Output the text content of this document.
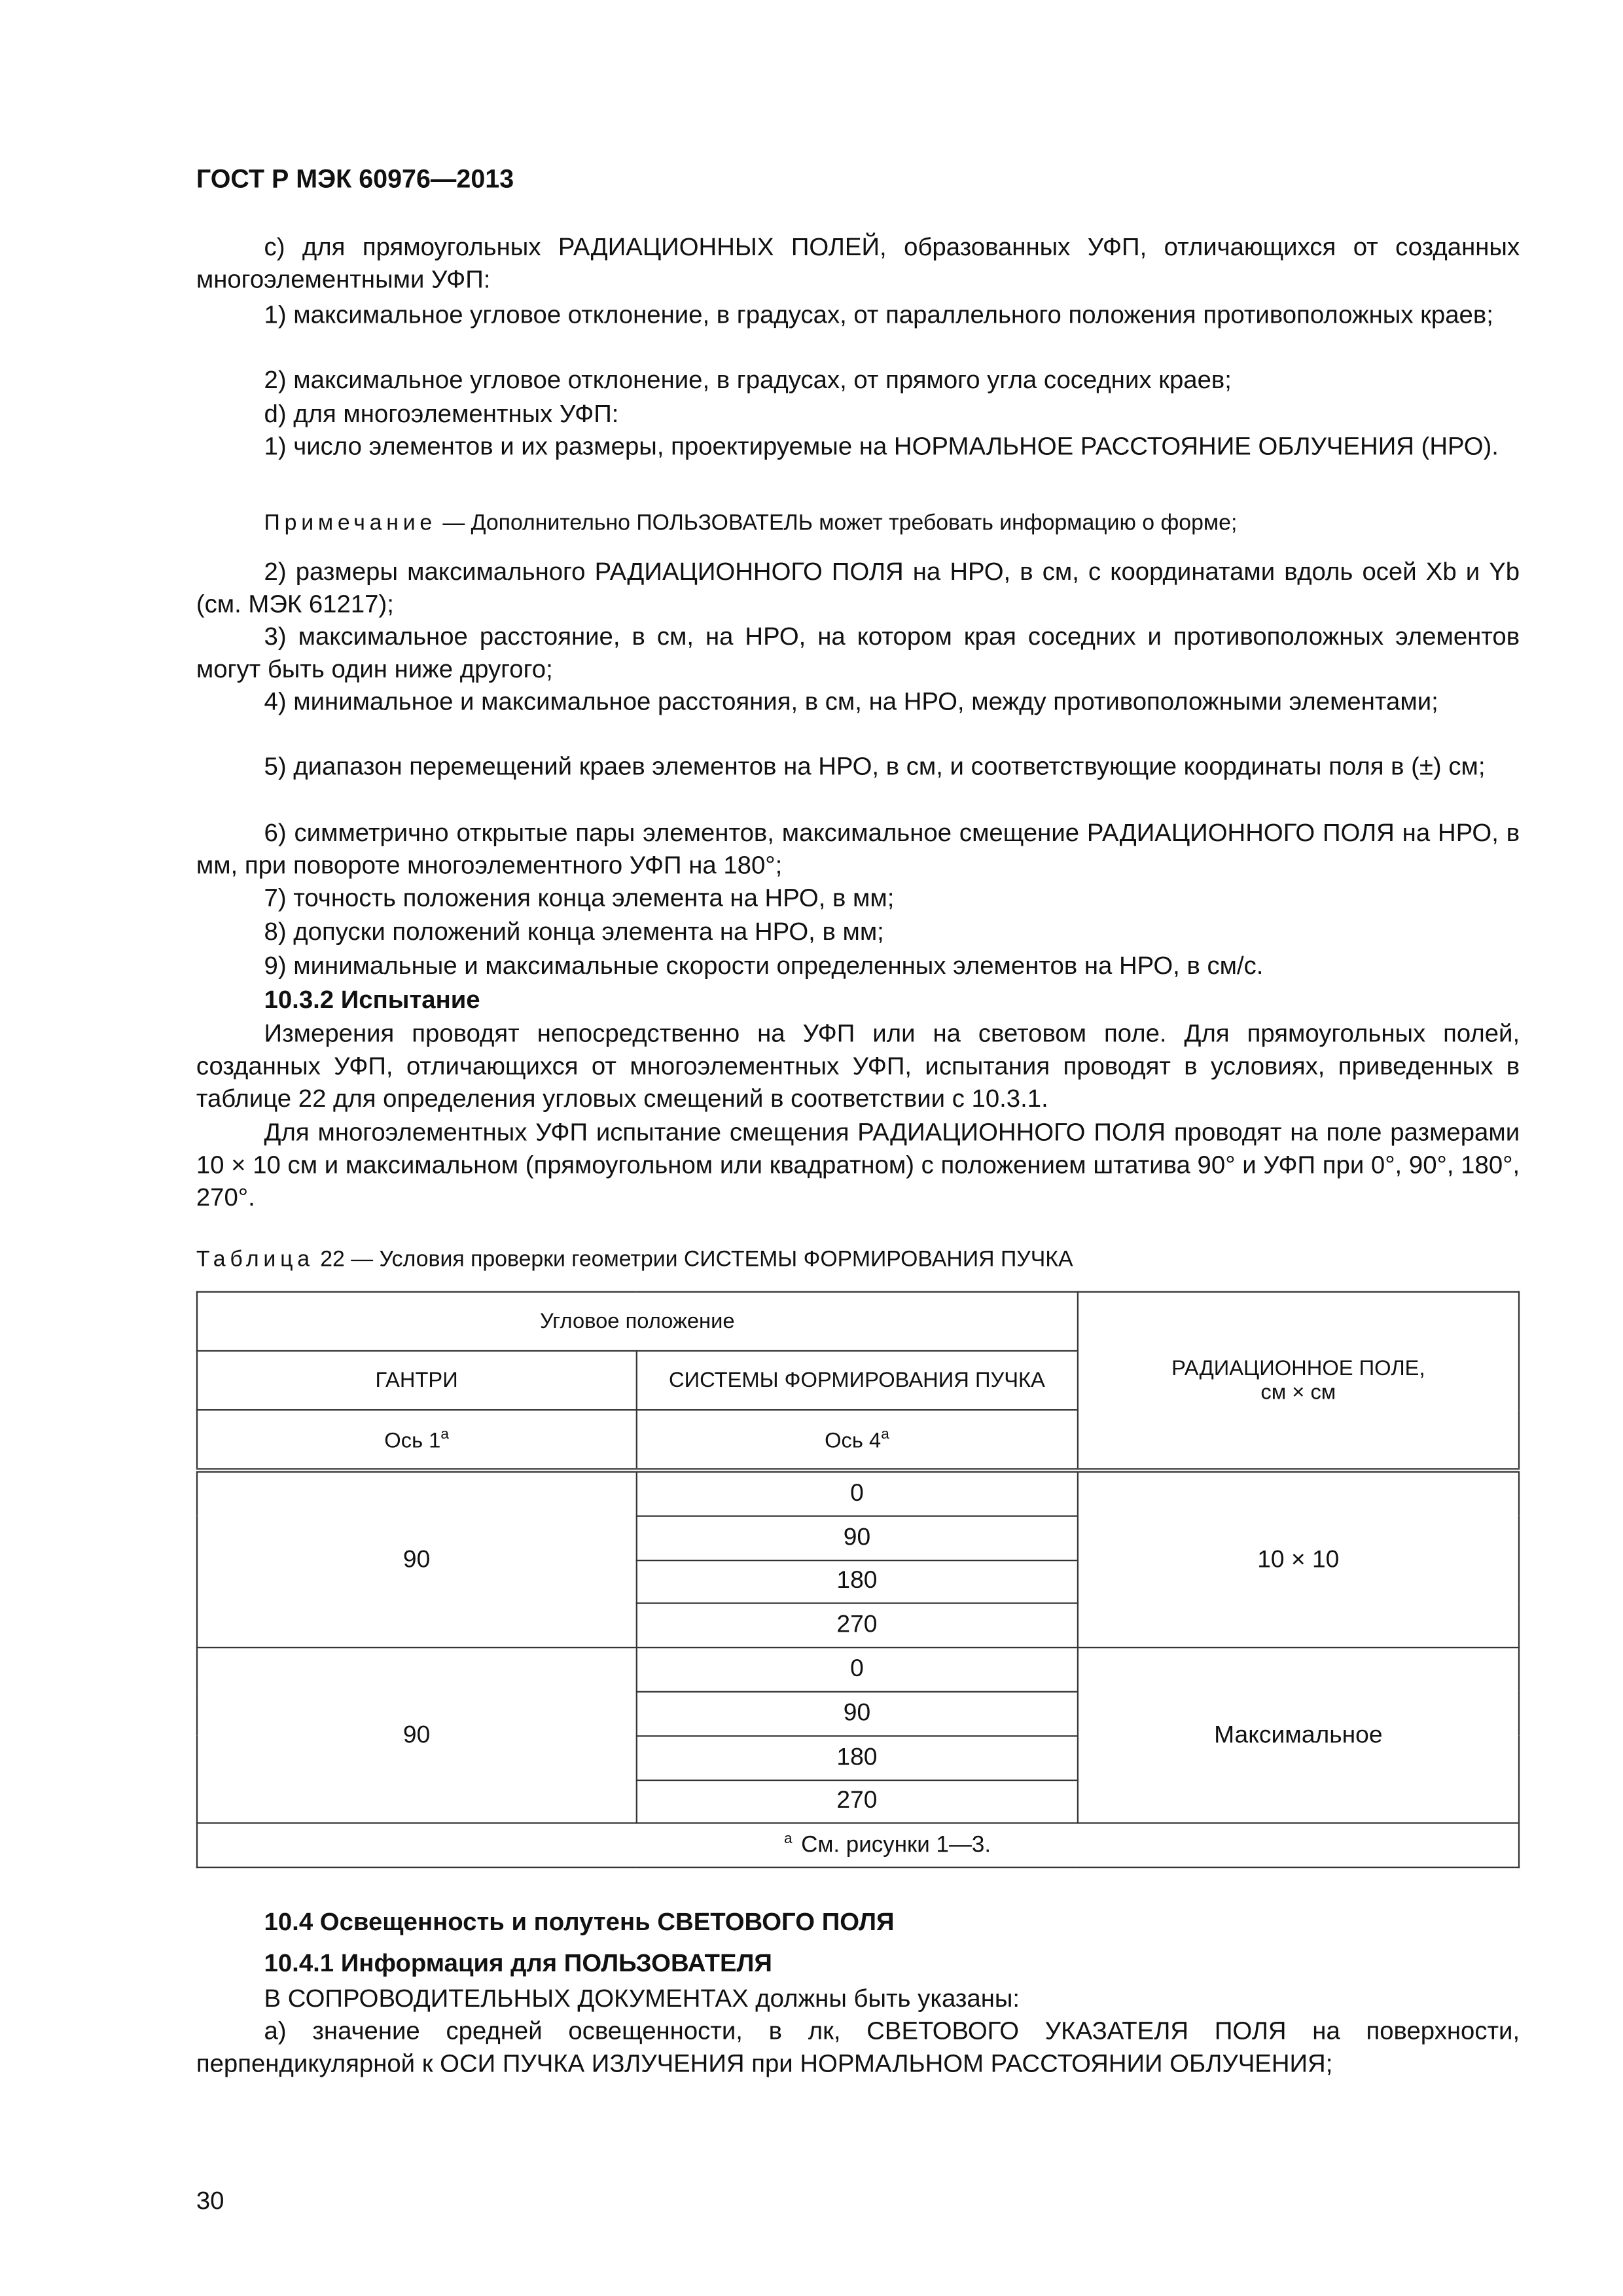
ГОСТ Р МЭК 60976—2013
c) для прямоугольных РАДИАЦИОННЫХ ПОЛЕЙ, образованных УФП, отличающихся от созданных многоэлементными УФП:
1) максимальное угловое отклонение, в градусах, от параллельного положения противоположных краев;
2) максимальное угловое отклонение, в градусах, от прямого угла соседних краев;
d) для многоэлементных УФП:
1) число элементов и их размеры, проектируемые на НОРМАЛЬНОЕ РАССТОЯНИЕ ОБЛУЧЕНИЯ (НРО).
Примечание — Дополнительно ПОЛЬЗОВАТЕЛЬ может требовать информацию о форме;
2) размеры максимального РАДИАЦИОННОГО ПОЛЯ на НРО, в см, с координатами вдоль осей Xb и Yb (см. МЭК 61217);
3) максимальное расстояние, в см, на НРО, на котором края соседних и противоположных элементов могут быть один ниже другого;
4) минимальное и максимальное расстояния, в см, на НРО, между противоположными элементами;
5) диапазон перемещений краев элементов на НРО, в см, и соответствующие координаты поля в (±) см;
6) симметрично открытые пары элементов, максимальное смещение РАДИАЦИОННОГО ПОЛЯ на НРО, в мм, при повороте многоэлементного УФП на 180°;
7) точность положения конца элемента на НРО, в мм;
8) допуски положений конца элемента на НРО, в мм;
9) минимальные и максимальные скорости определенных элементов на НРО, в см/с.
10.3.2 Испытание
Измерения проводят непосредственно на УФП или на световом поле. Для прямоугольных полей, созданных УФП, отличающихся от многоэлементных УФП, испытания проводят в условиях, приведенных в таблице 22 для определения угловых смещений в соответствии с 10.3.1.
Для многоэлементных УФП испытание смещения РАДИАЦИОННОГО ПОЛЯ проводят на поле размерами 10 × 10 см и максимальном (прямоугольном или квадратном) с положением штатива 90° и УФП при 0°, 90°, 180°, 270°.
Таблица 22 — Условия проверки геометрии СИСТЕМЫ ФОРМИРОВАНИЯ ПУЧКА
Угловое положение		РАДИАЦИОННОЕ ПОЛЕ,
см × см

ГАНТРИ	СИСТЕМЫ ФОРМИРОВАНИЯ ПУЧКА	
Ось $1^а$	Ось $4^а$
90	0	10 × 10
	90	
	180	
	270	
90	0	Максимальное
	90	
	180	
	270	
$^а$ См. рисунки 1—3.		
10.4 Освещенность и полутень СВЕТОВОГО ПОЛЯ
10.4.1 Информация для ПОЛЬЗОВАТЕЛЯ
В СОПРОВОДИТЕЛЬНЫХ ДОКУМЕНТАХ должны быть указаны:
a) значение средней освещенности, в лк, СВЕТОВОГО УКАЗАТЕЛЯ ПОЛЯ на поверхности, перпендикулярной к ОСИ ПУЧКА ИЗЛУЧЕНИЯ при НОРМАЛЬНОМ РАССТОЯНИИ ОБЛУЧЕНИЯ;
30
